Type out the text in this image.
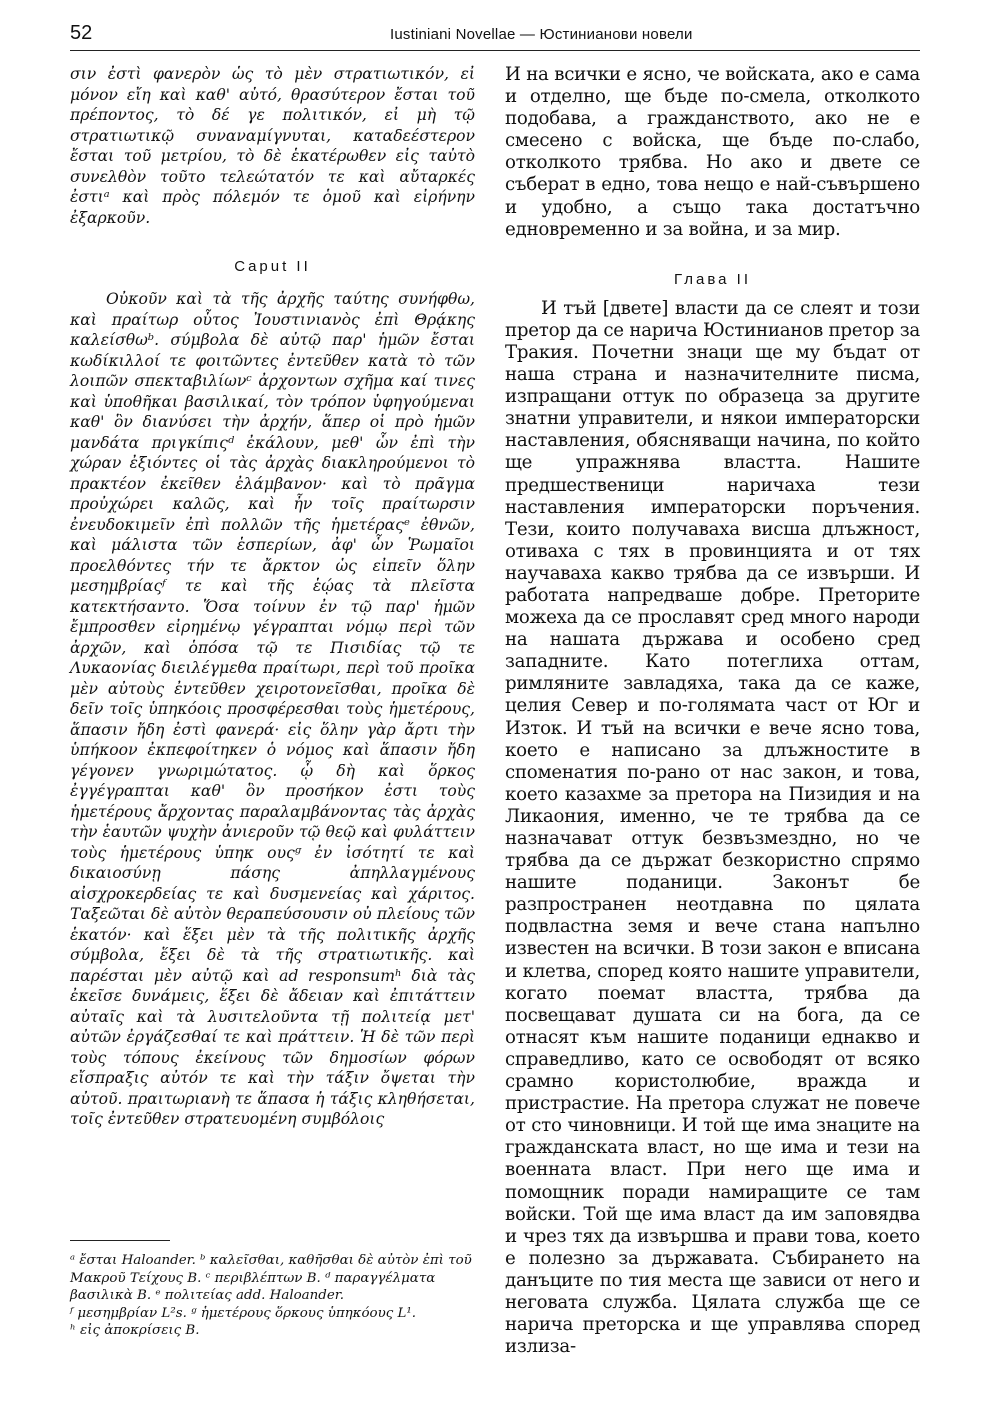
52	Iustiniani Novellae — Юстинианови новели

σιν ἐστὶ φανερὸν ὡς τὸ μὲν στρατιωτικόν, εἰ μόνον εἴη καὶ καθ' αὑτό, θρασύτερον ἔσται τοῦ πρέποντος, τὸ δέ γε πολιτικόν, εἰ μὴ τῷ στρατιωτικῷ συναναμίγνυται, καταδεέστερον ἔσται τοῦ μετρίου, τὸ δὲ ἑκατέρωθεν εἰς ταὐτὸ συνελθὸν τοῦτο τελεώτατόν τε καὶ αὔταρκές ἐστιᵃ καὶ πρὸς πόλεμόν τε ὁμοῦ καὶ εἰρήνην ἐξαρκοῦν.

Caput II

Οὐκοῦν καὶ τὰ τῆς ἀρχῆς ταύτης συνήφθω, καὶ πραίτωρ οὗτος Ἰουστινιανὸς ἐπὶ Θρᾴκης καλείσθωᵇ. σύμβολα δὲ αὐτῷ παρ' ἡμῶν ἔσται κωδίκιλλοί τε φοιτῶντες ἐντεῦθεν κατὰ τὸ τῶν λοιπῶν σπεκταβιλίωνᶜ ἀρχοντων σχῆμα καί τινες καὶ ὑποθῆκαι βασιλικαί, τὸν τρόπον ὑφηγούμεναι καθ' ὃν διανύσει τὴν ἀρχήν, ἅπερ οἱ πρὸ ἡμῶν μανδάτα πριγκίπιςᵈ ἐκάλουν, μεθ' ὧν ἐπὶ τὴν χώραν ἐξιόντες οἱ τὰς ἀρχὰς διακληρούμενοι τὸ πρακτέον ἐκεῖθεν ἐλάμβανον· καὶ τὸ πρᾶγμα προὐχώρει καλῶς, καὶ ἦν τοῖς πραίτωρσιν ἐνευδοκιμεῖν ἐπὶ πολλῶν τῆς ἡμετέραςᵉ ἐθνῶν, καὶ μάλιστα τῶν ἑσπερίων, ἀφ' ὧν Ῥωμαῖοι προελθόντες τήν τε ἄρκτον ὡς εἰπεῖν ὅλην μεσημβρίαςᶠ τε καὶ τῆς ἑῴας τὰ πλεῖστα κατεκτήσαντο. Ὅσα τοίνυν ἐν τῷ παρ' ἡμῶν ἔμπροσθεν εἰρημένῳ γέγραπται νόμῳ περὶ τῶν ἀρχῶν, καὶ ὁπόσα τῷ τε Πισιδίας τῷ τε Λυκαονίας διειλέγμεθα πραίτωρι, περὶ τοῦ προῖκα μὲν αὐτοὺς ἐντεῦθεν χειροτονεῖσθαι, προῖκα δὲ δεῖν τοῖς ὑπηκόοις προσφέρεσθαι τοὺς ἡμετέρους, ἅπασιν ἤδη ἐστὶ φανερά· εἰς ὅλην γὰρ ἄρτι τὴν ὑπήκοον ἐκπεφοίτηκεν ὁ νόμος καὶ ἅπασιν ἤδη γέγονεν γνωριμώτατος. ᾧ δὴ καὶ ὅρκος ἐγγέγραπται καθ' ὃν προσήκον ἐστι τοὺς ἡμετέρους ἄρχοντας παραλαμβάνοντας τὰς ἀρχὰς τὴν ἑαυτῶν ψυχὴν ἀνιεροῦν τῷ θεῷ καὶ φυλάττειν τοὺς ἡμετέρους ὑπηκ ουςᵍ ἐν ἰσότητί τε καὶ δικαιοσύνῃ πάσης ἀπηλλαγμένους αἰσχροκερδείας τε καὶ δυσμενείας καὶ χάριτος. Ταξεῶται δὲ αὐτὸν θεραπεύσουσιν οὐ πλείους τῶν ἑκατόν· καὶ ἕξει μὲν τὰ τῆς πολιτικῆς ἀρχῆς σύμβολα, ἕξει δὲ τὰ τῆς στρατιωτικῆς. καὶ παρέσται μὲν αὐτῷ καὶ ad responsumʰ διὰ τὰς ἐκεῖσε δυνάμεις, ἕξει δὲ ἄδειαν καὶ ἐπιτάττειν αὐταῖς καὶ τὰ λυσιτελοῦντα τῇ πολιτείᾳ μετ' αὐτῶν ἐργάζεσθαί τε καὶ πράττειν. Ἡ δὲ τῶν περὶ τοὺς τόπους ἐκείνους τῶν δημοσίων φόρων εἴσπραξις αὐτόν τε καὶ τὴν τάξιν ὄψεται τὴν αὐτοῦ. πραιτωριανὴ τε ἅπασα ἡ τάξις κληθήσεται, τοῖς ἐντεῦθεν στρατευομένη συμβόλοις

И на всички е ясно, че войската, ако е сама и отделно, ще бъде по-смела, отколкото подобава, а гражданството, ако не е смесено с войска, ще бъде по-слабо, отколкото трябва. Но ако и двете се съберат в едно, това нещо е най-съвършено и удобно, а също така достатъчно едновременно и за война, и за мир.

Глава II

И тъй [двете] власти да се слеят и този претор да се нарича Юстинианов претор за Тракия. Почетни знаци ще му бъдат от наша страна и назначителните писма, изпращани оттук по образеца за другите знатни управители, и някои императорски наставления, обясняващи начина, по който ще упражнява властта. Нашите предшественици наричаха тези наставления императорски поръчения. Тези, които получаваха висша длъжност, отиваха с тях в провинцията и от тях научаваха какво трябва да се извърши. И работата напредваше добре. Преторите можеха да се прославят сред много народи на нашата държава и особено сред западните. Като потеглиха оттам, римляните завладяха, така да се каже, целия Север и по-голямата част от Юг и Изток. И тъй на всички е вече ясно това, което е написано за длъжностите в споменатия по-рано от нас закон, и това, което казахме за претора на Пизидия и на Ликаония, именно, че те трябва да се назначават оттук безвъзмездно, но че трябва да се държат безкористно спрямо нашите поданици. Законът бе разпространен неотдавна по цялата подвластна земя и вече стана напълно известен на всички. В този закон е вписана и клетва, според която нашите управители, когато поемат властта, трябва да посвещават душата си на бога, да се отнасят към нашите поданици еднакво и справедливо, като се освободят от всяко срамно користолюбие, вражда и пристрастие. На претора служат не повече от сто чиновници. И той ще има знаците на гражданската власт, но ще има и тези на военната власт. При него ще има и помощник поради намиращите се там войски. Той ще има власт да им заповядва и чрез тях да извършва и прави това, което е полезно за държавата. Събирането на данъците по тия места ще зависи от него и неговата служба. Цялата служба ще се нарича преторска и ще управлява според излиза-

ᵃ ἔσται Haloander. ᵇ καλεῖσθαι, καθῆσθαι δὲ αὐτὸν ἐπὶ τοῦ Μακροῦ Τείχους B. ᶜ περιβλέπτων B. ᵈ παραγγέλματα βασιλικὰ B. ᵉ πολιτείας add. Haloander.

ᶠ μεσημβρίαν L²s. ᵍ ἡμετέρους ὅρκους ὑπηκόους L¹.

ʰ εἰς ἀποκρίσεις B.
